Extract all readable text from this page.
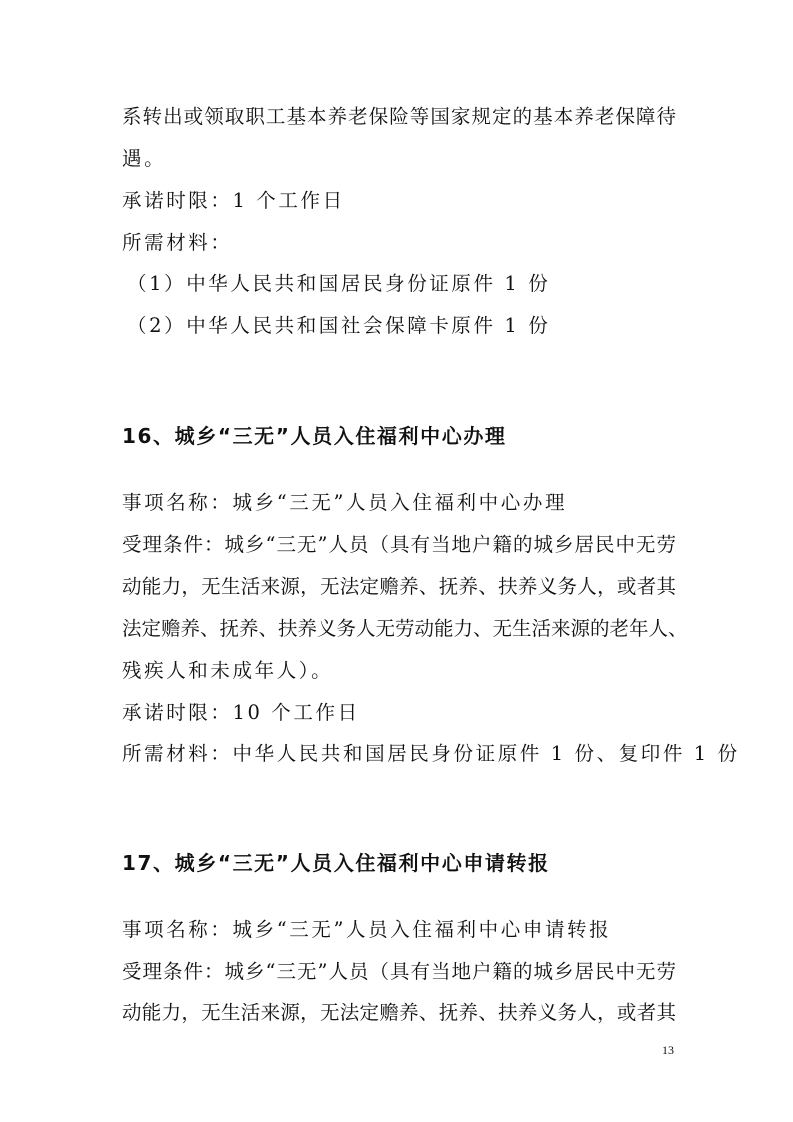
系转出或领取职工基本养老保险等国家规定的基本养老保障待
遇。
承诺时限：1 个工作日
所需材料：
（1）中华人民共和国居民身份证原件 1 份
（2）中华人民共和国社会保障卡原件 1 份
16、城乡“三无”人员入住福利中心办理
事项名称：城乡“三无”人员入住福利中心办理
受理条件：城乡“三无”人员（具有当地户籍的城乡居民中无劳
动能力，无生活来源，无法定赡养、抚养、扶养义务人，或者其
法定赡养、抚养、扶养义务人无劳动能力、无生活来源的老年人、
残疾人和未成年人）。
承诺时限：10 个工作日
所需材料：中华人民共和国居民身份证原件 1 份、复印件 1 份
17、城乡“三无”人员入住福利中心申请转报
事项名称：城乡“三无”人员入住福利中心申请转报
受理条件：城乡“三无”人员（具有当地户籍的城乡居民中无劳
动能力，无生活来源，无法定赡养、抚养、扶养义务人，或者其
13
